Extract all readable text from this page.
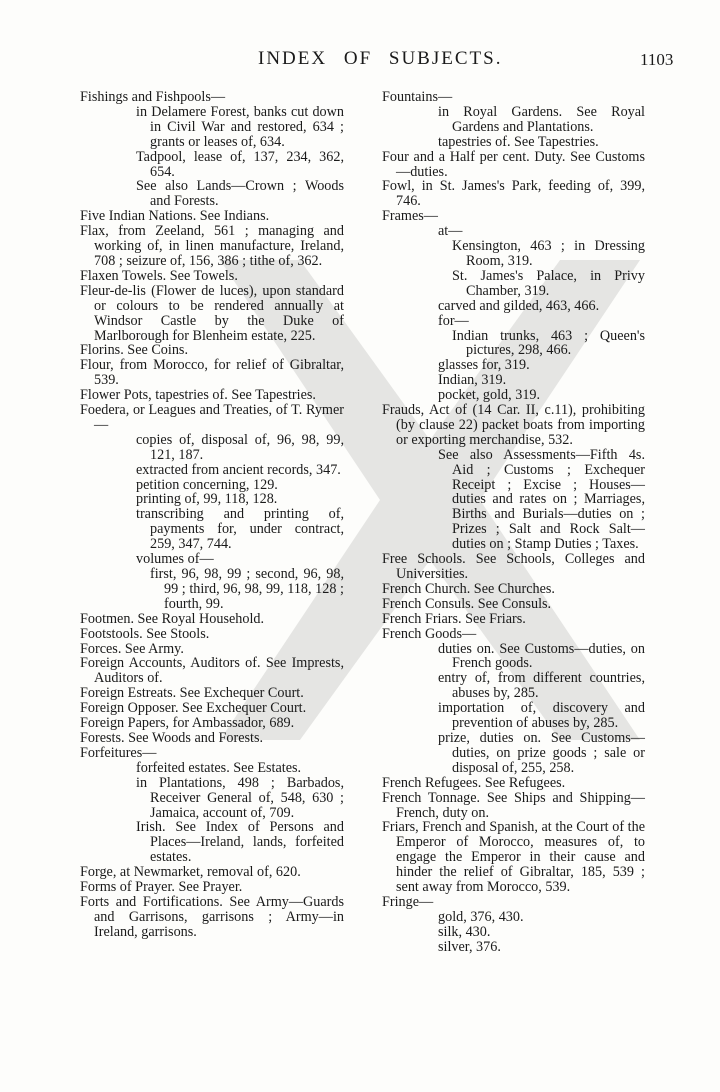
INDEX OF SUBJECTS.	1103
Fishings and Fishpools—
in Delamere Forest, banks cut down in Civil War and restored, 634 ; grants or leases of, 634.
Tadpool, lease of, 137, 234, 362, 654.
See also Lands—Crown ; Woods and Forests.
Five Indian Nations. See Indians.
Flax, from Zeeland, 561 ; managing and working of, in linen manufacture, Ireland, 708 ; seizure of, 156, 386 ; tithe of, 362.
Flaxen Towels. See Towels.
Fleur-de-lis (Flower de luces), upon standard or colours to be rendered annually at Windsor Castle by the Duke of Marlborough for Blenheim estate, 225.
Florins. See Coins.
Flour, from Morocco, for relief of Gibraltar, 539.
Flower Pots, tapestries of. See Tapestries.
Foedera, or Leagues and Treaties, of T. Rymer—
copies of, disposal of, 96, 98, 99, 121, 187.
extracted from ancient records, 347.
petition concerning, 129.
printing of, 99, 118, 128.
transcribing and printing of, payments for, under contract, 259, 347, 744.
volumes of—
first, 96, 98, 99 ; second, 96, 98, 99 ; third, 96, 98, 99, 118, 128 ; fourth, 99.
Footmen. See Royal Household.
Footstools. See Stools.
Forces. See Army.
Foreign Accounts, Auditors of. See Imprests, Auditors of.
Foreign Estreats. See Exchequer Court.
Foreign Opposer. See Exchequer Court.
Foreign Papers, for Ambassador, 689.
Forests. See Woods and Forests.
Forfeitures—
forfeited estates. See Estates.
in Plantations, 498 ; Barbados, Receiver General of, 548, 630 ; Jamaica, account of, 709.
Irish. See Index of Persons and Places—Ireland, lands, forfeited estates.
Forge, at Newmarket, removal of, 620.
Forms of Prayer. See Prayer.
Forts and Fortifications. See Army—Guards and Garrisons, garrisons ; Army—in Ireland, garrisons.
Fountains—
in Royal Gardens. See Royal Gardens and Plantations.
tapestries of. See Tapestries.
Four and a Half per cent. Duty. See Customs—duties.
Fowl, in St. James's Park, feeding of, 399, 746.
Frames—
at—
Kensington, 463 ; in Dressing Room, 319.
St. James's Palace, in Privy Chamber, 319.
carved and gilded, 463, 466.
for—
Indian trunks, 463 ; Queen's pictures, 298, 466.
glasses for, 319.
Indian, 319.
pocket, gold, 319.
Frauds, Act of (14 Car. II, c.11), prohibiting (by clause 22) packet boats from importing or exporting merchandise, 532.
See also Assessments—Fifth 4s. Aid ; Customs ; Exchequer Receipt ; Excise ; Houses—duties and rates on ; Marriages, Births and Burials—duties on ; Prizes ; Salt and Rock Salt—duties on ; Stamp Duties ; Taxes.
Free Schools. See Schools, Colleges and Universities.
French Church. See Churches.
French Consuls. See Consuls.
French Friars. See Friars.
French Goods—
duties on. See Customs—duties, on French goods.
entry of, from different countries, abuses by, 285.
importation of, discovery and prevention of abuses by, 285.
prize, duties on. See Customs—duties, on prize goods ; sale or disposal of, 255, 258.
French Refugees. See Refugees.
French Tonnage. See Ships and Shipping—French, duty on.
Friars, French and Spanish, at the Court of the Emperor of Morocco, measures of, to engage the Emperor in their cause and hinder the relief of Gibraltar, 185, 539 ; sent away from Morocco, 539.
Fringe—
gold, 376, 430.
silk, 430.
silver, 376.
